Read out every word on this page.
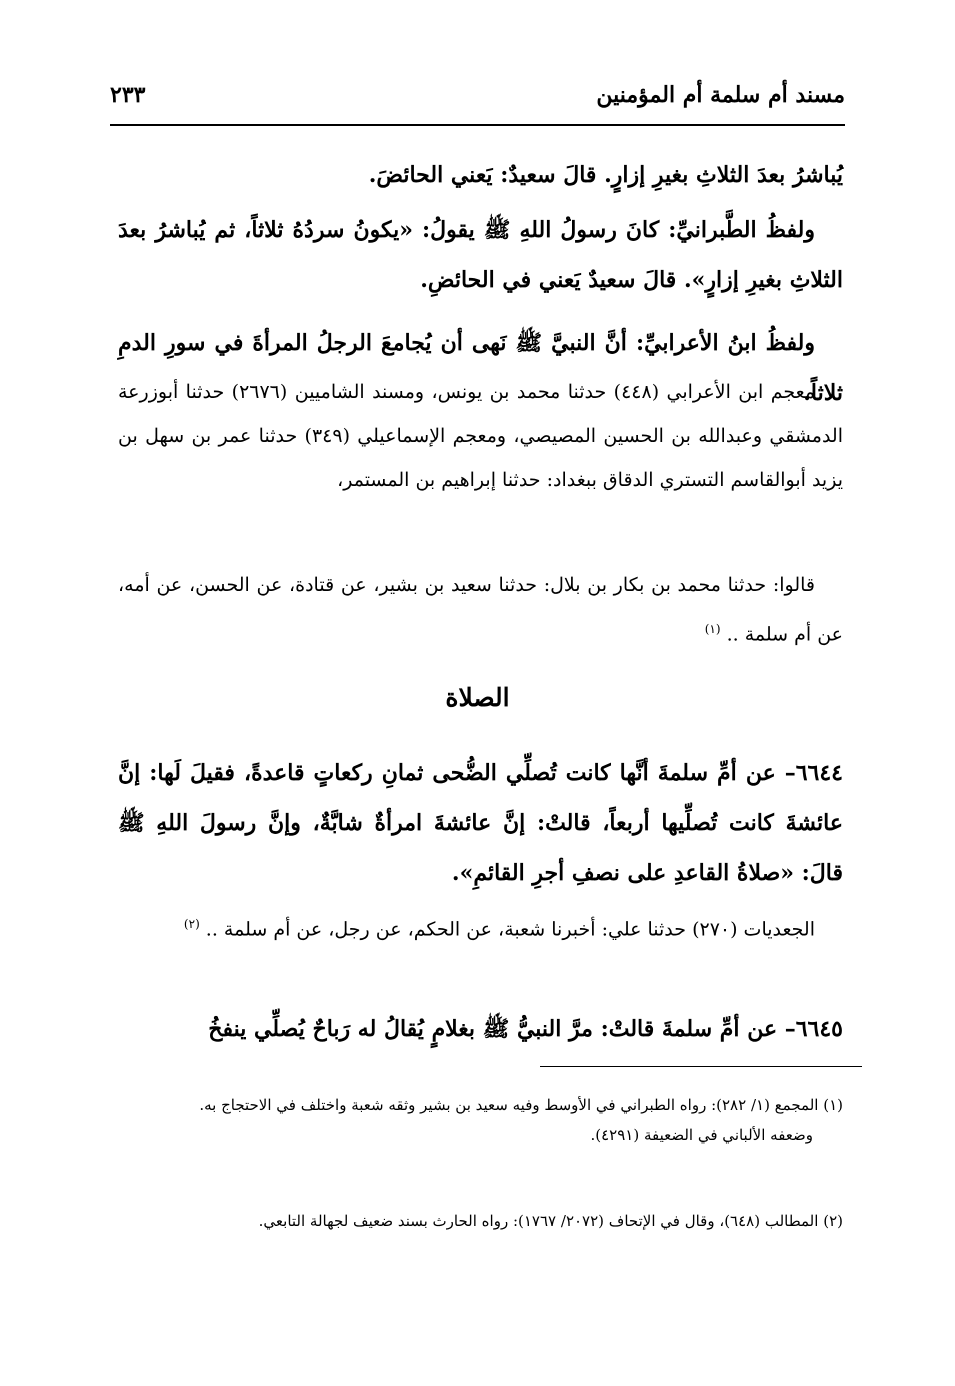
مسند أم سلمة أم المؤمنين
٢٣٣
يُباشرُ بعدَ الثلاثِ بغيرِ إزارٍ. قالَ سعيدٌ: يَعني الحائضَ.
ولفظُ الطَّبرانيِّ: كانَ رسولُ اللهِ ﷺ يقولُ: «يكونُ سردُهُ ثلاثاً، ثم يُباشرُ بعدَ الثلاثِ بغيرِ إزارٍ». قالَ سعيدٌ يَعني في الحائضِ.
ولفظُ ابنُ الأعرابيِّ: أنَّ النبيَّ ﷺ نَهى أن يُجامعَ الرجلُ المرأةَ في سورِ الدمِ ثلاثاً.
معجم ابن الأعرابي (٤٤٨) حدثنا محمد بن يونس، ومسند الشاميين (٢٦٧٦) حدثنا أبوزرعة الدمشقي وعبدالله بن الحسين المصيصي، ومعجم الإسماعيلي (٣٤٩) حدثنا عمر بن سهل بن يزيد أبوالقاسم التستري الدقاق ببغداد: حدثنا إبراهيم بن المستمر،
قالوا: حدثنا محمد بن بكار بن بلال: حدثنا سعيد بن بشير، عن قتادة، عن الحسن، عن أمه، عن أم سلمة .. $^{(١)}$
الصلاة
٦٦٤٤– عن أمِّ سلمةَ أنَّها كانت تُصلِّي الضُّحى ثمانِ ركعاتٍ قاعدةً، فقيلَ لَها: إنَّ عائشةَ كانت تُصلِّيها أربعاً، قالتْ: إنَّ عائشةَ امرأةٌ شابَّةٌ، وإنَّ رسولَ اللهِ ﷺ قالَ: «صلاةُ القاعدِ على نصفِ أجرِ القائمِ».
الجعديات (٢٧٠) حدثنا علي: أخبرنا شعبة، عن الحكم، عن رجل، عن أم سلمة .. $^{(٢)}$
٦٦٤٥– عن أمِّ سلمةَ قالتْ: مرَّ النبيُّ ﷺ بغلامٍ يُقالُ له رَباحٌ يُصلِّي ينفخُ
(١) المجمع (١/ ٢٨٢): رواه الطبراني في الأوسط وفيه سعيد بن بشير وثقه شعبة واختلف في الاحتجاج به.
وضعفه الألباني في الضعيفة (٤٢٩١).
(٢) المطالب (٦٤٨)، وقال في الإتحاف (٢٠٧٢/ ١٧٦٧): رواه الحارث بسند ضعيف لجهالة التابعي.
